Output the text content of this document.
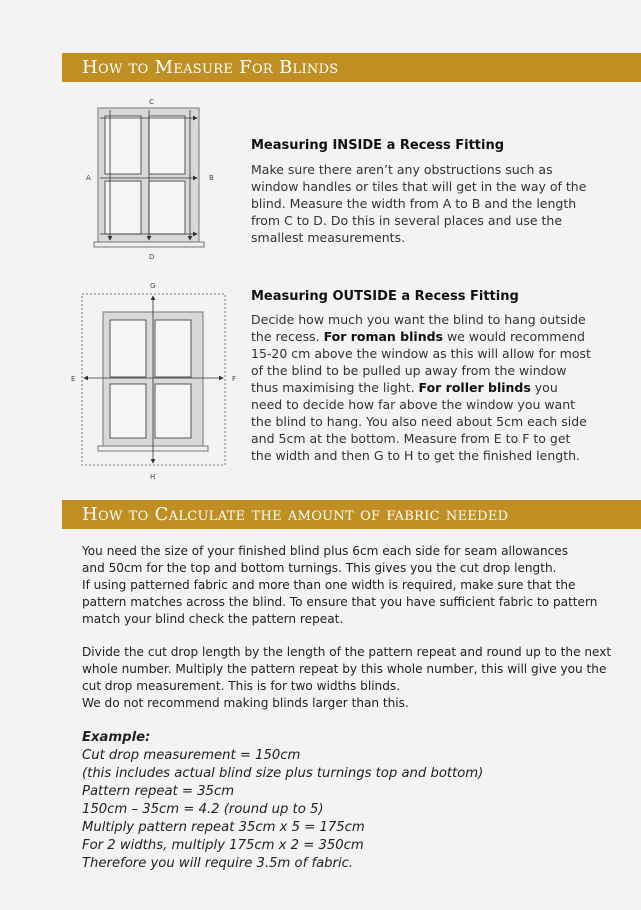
How to Measure For Blinds
C
A	B
D
Measuring INSIDE a Recess Fitting
Make sure there aren’t any obstructions such as window handles or tiles that will get in the way of the blind. Measure the width from A to B and the length from C to D. Do this in several places and use the smallest measurements.
G
E	F
H
Measuring OUTSIDE a Recess Fitting
Decide how much you want the blind to hang outside the recess. For roman blinds we would recommend 15-20 cm above the window as this will allow for most of the blind to be pulled up away from the window thus maximising the light. For roller blinds you need to decide how far above the window you want the blind to hang. You also need about 5cm each side and 5cm at the bottom. Measure from E to F to get the width and then G to H to get the finished length.
How to Calculate the amount of fabric needed
You need the size of your finished blind plus 6cm each side for seam allowances
and 50cm for the top and bottom turnings. This gives you the cut drop length.
If using patterned fabric and more than one width is required, make sure that the
pattern matches across the blind. To ensure that you have sufficient fabric to pattern
match your blind check the pattern repeat.
Divide the cut drop length by the length of the pattern repeat and round up to the next
whole number. Multiply the pattern repeat by this whole number, this will give you the
cut drop measurement. This is for two widths blinds.
We do not recommend making blinds larger than this.
Example:
Cut drop measurement = 150cm
(this includes actual blind size plus turnings top and bottom)
Pattern repeat = 35cm
150cm – 35cm = 4.2 (round up to 5)
Multiply pattern repeat 35cm x 5 = 175cm
For 2 widths, multiply 175cm x 2 = 350cm
Therefore you will require 3.5m of fabric.
